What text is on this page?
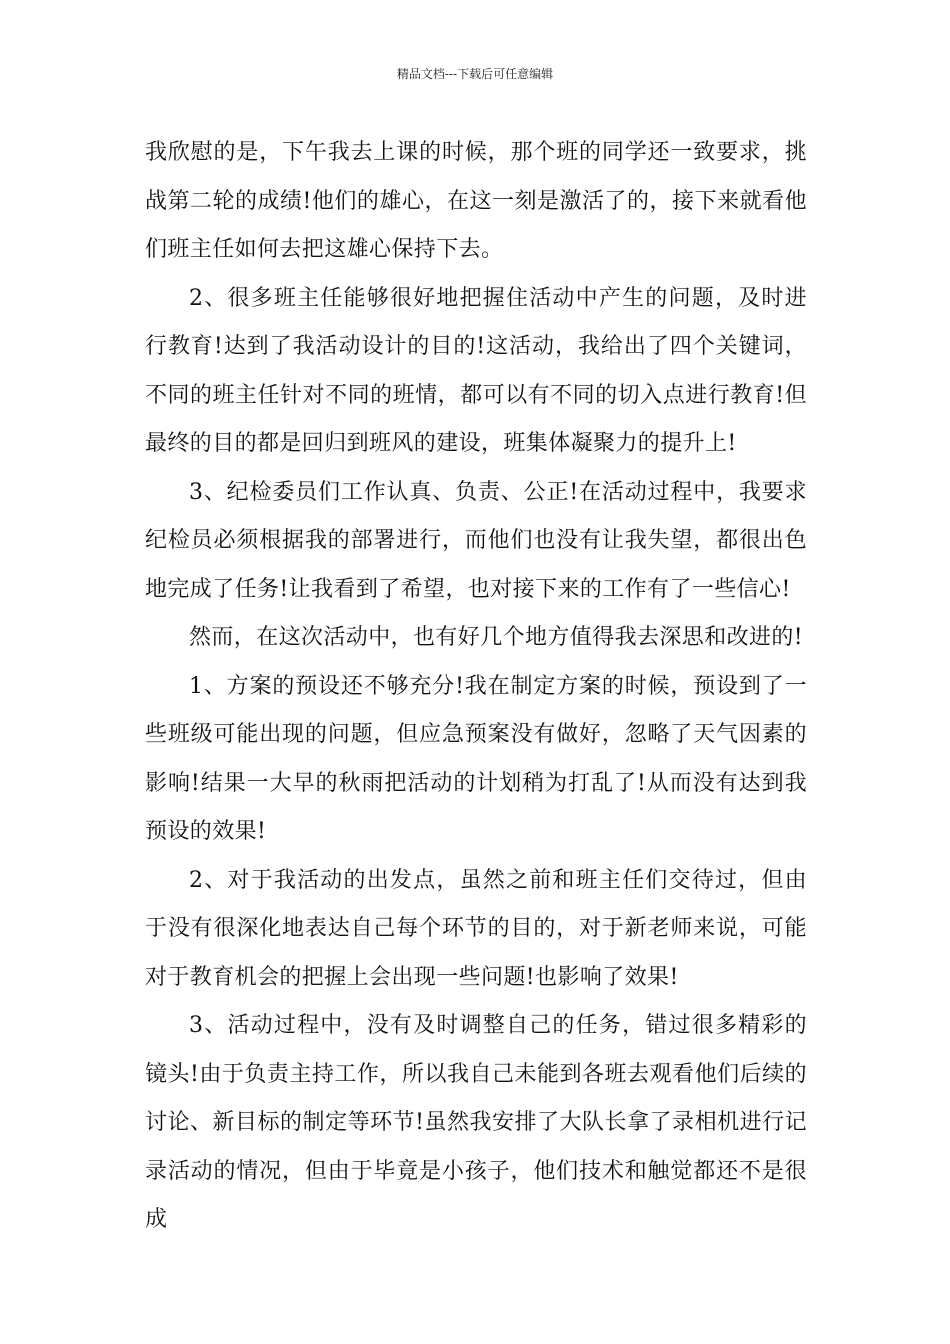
精品文档---下载后可任意编辑

我欣慰的是，下午我去上课的时候，那个班的同学还一致要求，挑战第二轮的成绩!他们的雄心，在这一刻是激活了的，接下来就看他们班主任如何去把这雄心保持下去。

2、很多班主任能够很好地把握住活动中产生的问题，及时进行教育!达到了我活动设计的目的!这活动，我给出了四个关键词，不同的班主任针对不同的班情，都可以有不同的切入点进行教育!但最终的目的都是回归到班风的建设，班集体凝聚力的提升上!

3、纪检委员们工作认真、负责、公正!在活动过程中，我要求纪检员必须根据我的部署进行，而他们也没有让我失望，都很出色地完成了任务!让我看到了希望，也对接下来的工作有了一些信心!

然而，在这次活动中，也有好几个地方值得我去深思和改进的!

1、方案的预设还不够充分!我在制定方案的时候，预设到了一些班级可能出现的问题，但应急预案没有做好，忽略了天气因素的影响!结果一大早的秋雨把活动的计划稍为打乱了!从而没有达到我预设的效果!

2、对于我活动的出发点，虽然之前和班主任们交待过，但由于没有很深化地表达自己每个环节的目的，对于新老师来说，可能对于教育机会的把握上会出现一些问题!也影响了效果!

3、活动过程中，没有及时调整自己的任务，错过很多精彩的镜头!由于负责主持工作，所以我自己未能到各班去观看他们后续的讨论、新目标的制定等环节!虽然我安排了大队长拿了录相机进行记录活动的情况，但由于毕竟是小孩子，他们技术和触觉都还不是很成
